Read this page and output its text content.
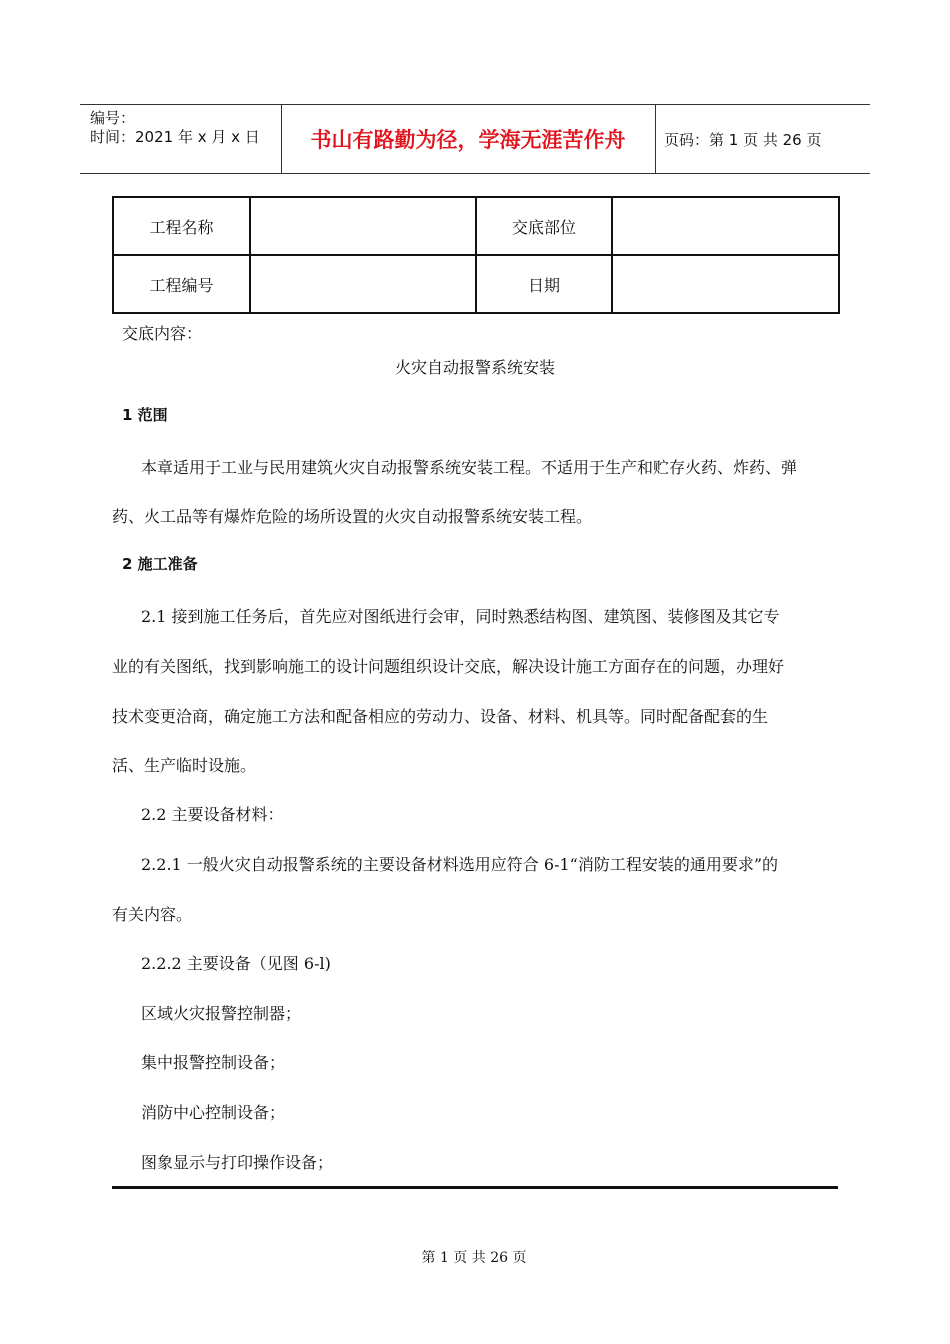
编号：
时间：2021 年 x 月 x 日	书山有路勤为径，学海无涯苦作舟	页码：第 1 页 共 26 页
工程名称		交底部位	
工程编号		日期	
交底内容：
火灾自动报警系统安装
1 范围
本章适用于工业与民用建筑火灾自动报警系统安装工程。不适用于生产和贮存火药、炸药、弹
药、火工品等有爆炸危险的场所设置的火灾自动报警系统安装工程。
2 施工准备
2.1 接到施工任务后，首先应对图纸进行会审，同时熟悉结构图、建筑图、装修图及其它专
业的有关图纸，找到影响施工的设计问题组织设计交底，解决设计施工方面存在的问题，办理好
技术变更洽商，确定施工方法和配备相应的劳动力、设备、材料、机具等。同时配备配套的生
活、生产临时设施。
2.2 主要设备材料：
2.2.1 一般火灾自动报警系统的主要设备材料选用应符合 6-1“消防工程安装的通用要求”的
有关内容。
2.2.2 主要设备（见图 6-l)
区域火灾报警控制器；
集中报警控制设备；
消防中心控制设备；
图象显示与打印操作设备；
第 1 页 共 26 页
